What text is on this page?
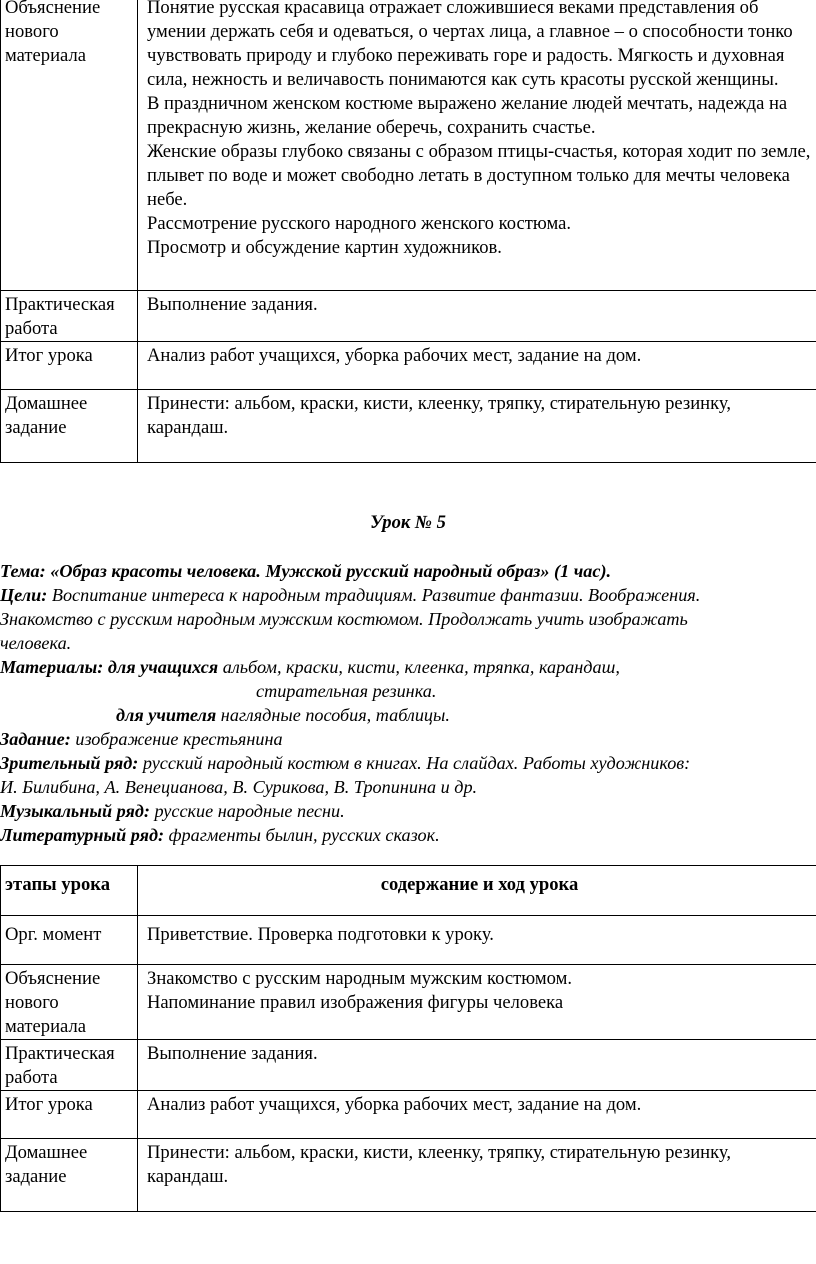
Объяснение нового материала	Понятие русская красавица отражает сложившиеся веками представления об умении держать себя и одеваться, о чертах лица, а главное – о способности тонко чувствовать природу и глубоко переживать горе и радость. Мягкость и духовная сила, нежность и величавость понимаются как суть красоты русской женщины.
В праздничном женском костюме выражено желание людей мечтать, надежда на прекрасную жизнь, желание оберечь, сохранить счастье.
Женские образы глубоко связаны с образом птицы-счастья, которая ходит по земле, плывет по воде и может свободно летать в доступном только для мечты человека небе.
Рассмотрение русского народного женского костюма.
Просмотр и обсуждение картин художников.

Практическая работа	Выполнение задания.

Итог урока	Анализ работ учащихся, уборка рабочих мест, задание на дом.

Домашнее задание	Принести: альбом, краски, кисти, клеенку, тряпку, стирательную резинку, карандаш.
Урок № 5
Тема: «Образ красоты человека. Мужской русский народный образ» (1 час).
Цели: Воспитание интереса к народным традициям. Развитие фантазии. Воображения.
Знакомство с русским народным мужским костюмом. Продолжать учить изображать
человека.
Материалы: для учащихся альбом, краски, кисти, клеенка, тряпка, карандаш,
стирательная резинка.
для учителя наглядные пособия, таблицы.
Задание: изображение крестьянина
Зрительный ряд: русский народный костюм в книгах. На слайдах. Работы художников:
И. Билибина, А. Венецианова, В. Сурикова, В. Тропинина и др.
Музыкальный ряд: русские народные песни.
Литературный ряд: фрагменты былин, русских сказок.
этапы урока	содержание и ход урока
Орг. момент	Приветствие. Проверка подготовки к уроку.

Объяснение нового материала	Знакомство с русским народным мужским костюмом.
Напоминание правил изображения фигуры человека

Практическая работа	Выполнение задания.

Итог урока	Анализ работ учащихся, уборка рабочих мест, задание на дом.

Домашнее задание	Принести: альбом, краски, кисти, клеенку, тряпку, стирательную резинку, карандаш.
